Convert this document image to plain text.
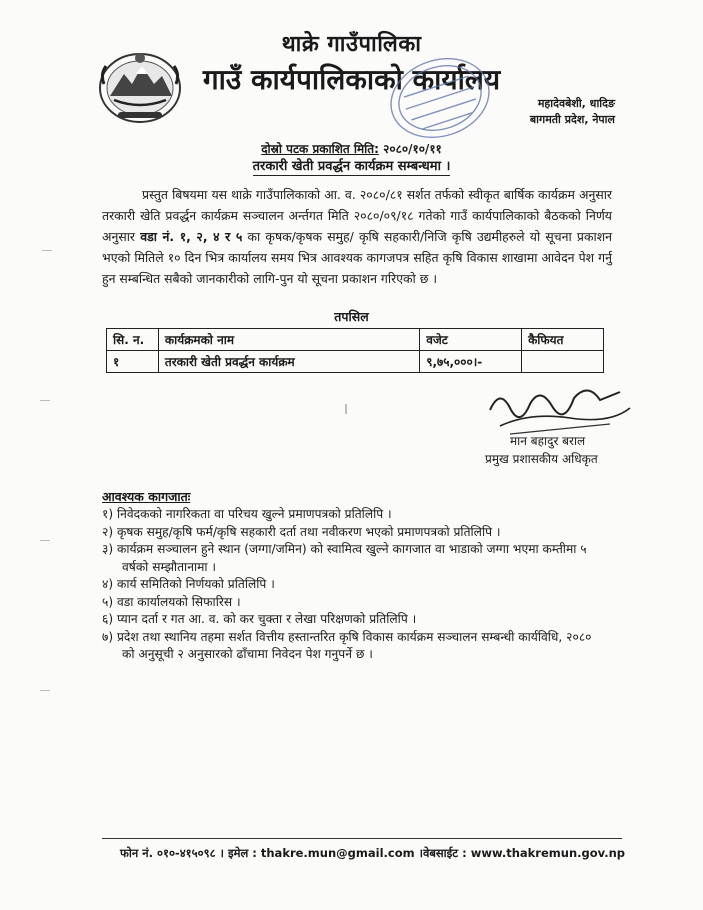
थाक्रे गाउँपालिका
गाउँ कार्यपालिकाको कार्यालय
महादेवबेशी, धादिङ
बागमती प्रदेश, नेपाल
दोस्रो पटक प्रकाशित मिति: २०८०/१०/११
तरकारी खेती प्रवर्द्धन कार्यक्रम सम्बन्धमा ।
प्रस्तुत बिषयमा यस थाक्रे गाउँपालिकाको आ. व. २०८०/८१ सर्शत तर्फको स्वीकृत बार्षिक कार्यक्रम अनुसार तरकारी खेति प्रवर्द्धन कार्यक्रम सञ्चालन अर्न्तगत मिति २०८०/०९/१८ गतेको गाउँ कार्यपालिकाको बैठकको निर्णय अनुसार वडा नं. १, २, ४ र ५ का कृषक/कृषक समुह/ कृषि सहकारी/निजि कृषि उद्यमीहरुले यो सूचना प्रकाशन भएको मितिले १० दिन भित्र कार्यालय समय भित्र आवश्यक कागजपत्र सहित कृषि विकास शाखामा आवेदन पेश गर्नु हुन सम्बन्धित सबैको जानकारीको लागि-पुन यो सूचना प्रकाशन गरिएको छ ।
तपसिल
सि. न.	कार्यक्रमको नाम	वजेट	कैफियत
१	तरकारी खेती प्रवर्द्धन कार्यक्रम	९,७५,०००।-	
मान बहादुर बराल
प्रमुख प्रशासकीय अधिकृत
आवश्यक कागजातः
१) निवेदकको नागरिकता वा परिचय खुल्ने प्रमाणपत्रको प्रतिलिपि ।
२) कृषक समुह/कृषि फर्म/कृषि सहकारी दर्ता तथा नवीकरण भएको प्रमाणपत्रको प्रतिलिपि ।
३) कार्यक्रम सञ्चालन हुने स्थान (जग्गा/जमिन) को स्वामित्व खुल्ने कागजात वा भाडाको जग्गा भएमा कम्तीमा ५ वर्षको सम्झौतानामा ।
४) कार्य समितिको निर्णयको प्रतिलिपि ।
५) वडा कार्यालयको सिफारिस ।
६) प्यान दर्ता र गत आ. व. को कर चुक्ता र लेखा परिक्षणको प्रतिलिपि ।
७) प्रदेश तथा स्थानिय तहमा सर्शत वित्तीय हस्तान्तरित कृषि विकास कार्यक्रम सञ्चालन सम्बन्धी कार्यविधि, २०८० को अनुसूची २ अनुसारको ढाँचामा निवेदन पेश गनुपर्ने छ ।
फोन नं. ०१०-४१५०९८ । इमेल : thakre.mun@gmail.com ।वेबसाईट : www.thakremun.gov.np
